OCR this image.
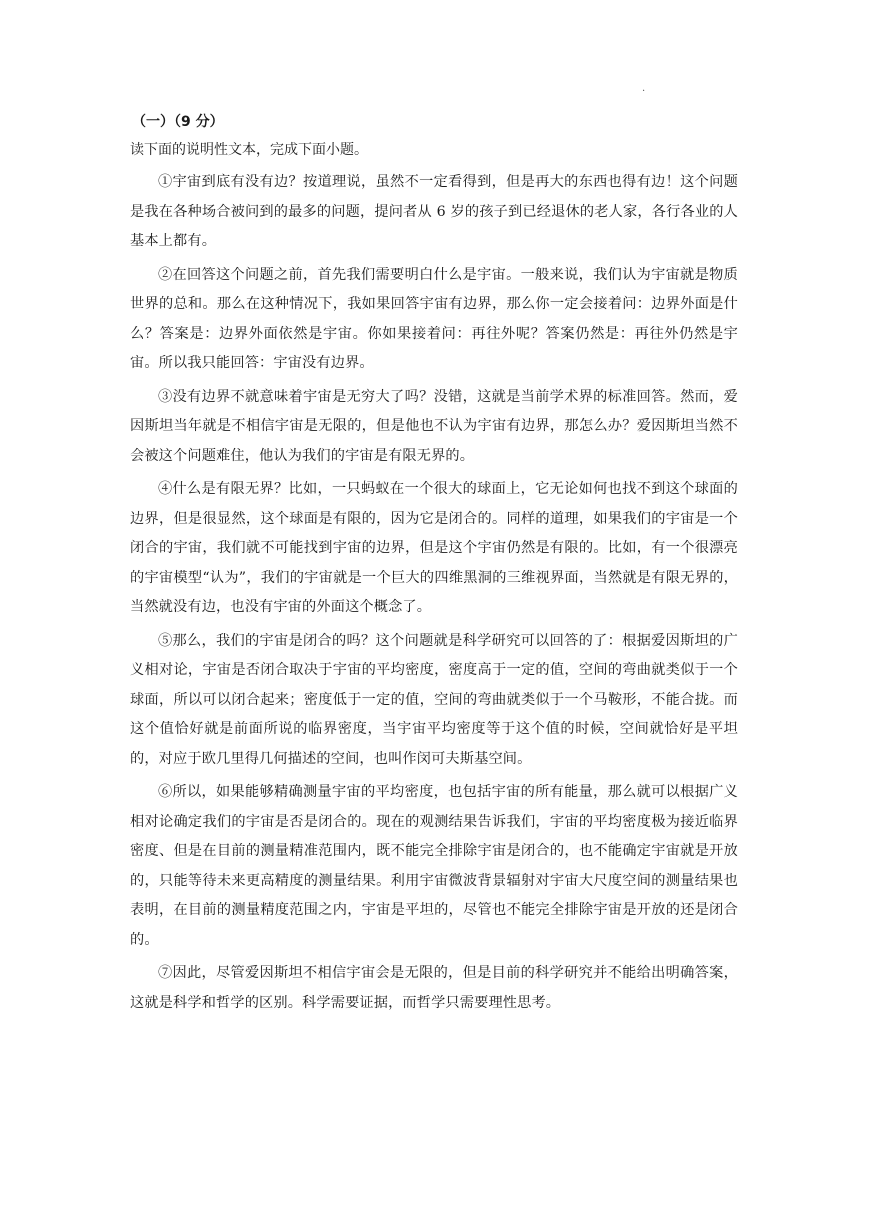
.
（一）（9 分）
读下面的说明性文本，完成下面小题。

①宇宙到底有没有边？按道理说，虽然不一定看得到，但是再大的东西也得有边！这个问题是我在各种场合被问到的最多的问题，提问者从 6 岁的孩子到已经退休的老人家，各行各业的人基本上都有。

②在回答这个问题之前，首先我们需要明白什么是宇宙。一般来说，我们认为宇宙就是物质世界的总和。那么在这种情况下，我如果回答宇宙有边界，那么你一定会接着问：边界外面是什么？答案是：边界外面依然是宇宙。你如果接着问：再往外呢？答案仍然是：再往外仍然是宇宙。所以我只能回答：宇宙没有边界。

③没有边界不就意味着宇宙是无穷大了吗？没错，这就是当前学术界的标准回答。然而，爱因斯坦当年就是不相信宇宙是无限的，但是他也不认为宇宙有边界，那怎么办？爱因斯坦当然不会被这个问题难住，他认为我们的宇宙是有限无界的。

④什么是有限无界？比如，一只蚂蚁在一个很大的球面上，它无论如何也找不到这个球面的边界，但是很显然，这个球面是有限的，因为它是闭合的。同样的道理，如果我们的宇宙是一个闭合的宇宙，我们就不可能找到宇宙的边界，但是这个宇宙仍然是有限的。比如，有一个很漂亮的宇宙模型“认为”，我们的宇宙就是一个巨大的四维黑洞的三维视界面，当然就是有限无界的，当然就没有边，也没有宇宙的外面这个概念了。

⑤那么，我们的宇宙是闭合的吗？这个问题就是科学研究可以回答的了：根据爱因斯坦的广义相对论，宇宙是否闭合取决于宇宙的平均密度，密度高于一定的值，空间的弯曲就类似于一个球面，所以可以闭合起来；密度低于一定的值，空间的弯曲就类似于一个马鞍形，不能合拢。而这个值恰好就是前面所说的临界密度，当宇宙平均密度等于这个值的时候，空间就恰好是平坦的，对应于欧几里得几何描述的空间，也叫作闵可夫斯基空间。

⑥所以，如果能够精确测量宇宙的平均密度，也包括宇宙的所有能量，那么就可以根据广义相对论确定我们的宇宙是否是闭合的。现在的观测结果告诉我们，宇宙的平均密度极为接近临界密度、但是在目前的测量精准范围内，既不能完全排除宇宙是闭合的，也不能确定宇宙就是开放的，只能等待未来更高精度的测量结果。利用宇宙微波背景辐射对宇宙大尺度空间的测量结果也表明，在目前的测量精度范围之内，宇宙是平坦的，尽管也不能完全排除宇宙是开放的还是闭合的。

⑦因此，尽管爱因斯坦不相信宇宙会是无限的，但是目前的科学研究并不能给出明确答案，这就是科学和哲学的区别。科学需要证据，而哲学只需要理性思考。
